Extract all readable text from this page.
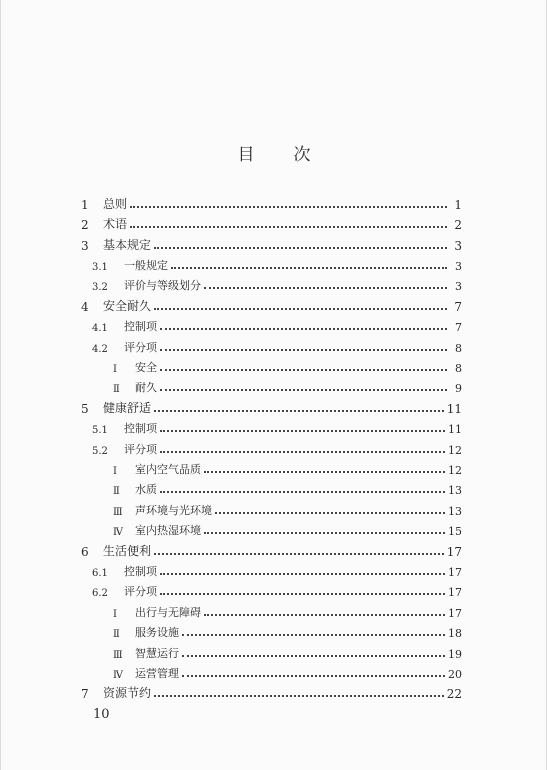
目 次
1	总则	1
2	术语	2
3	基本规定	3
3.1	一般规定	3
3.2	评价与等级划分	3
4	安全耐久	7
4.1	控制项	7
4.2	评分项	8
Ⅰ	安全	8
Ⅱ	耐久	9
5	健康舒适	11
5.1	控制项	11
5.2	评分项	12
Ⅰ	室内空气品质	12
Ⅱ	水质	13
Ⅲ	声环境与光环境	13
Ⅳ	室内热湿环境	15
6	生活便利	17
6.1	控制项	17
6.2	评分项	17
Ⅰ	出行与无障碍	17
Ⅱ	服务设施	18
Ⅲ	智慧运行	19
Ⅳ	运营管理	20
7	资源节约	22
10
